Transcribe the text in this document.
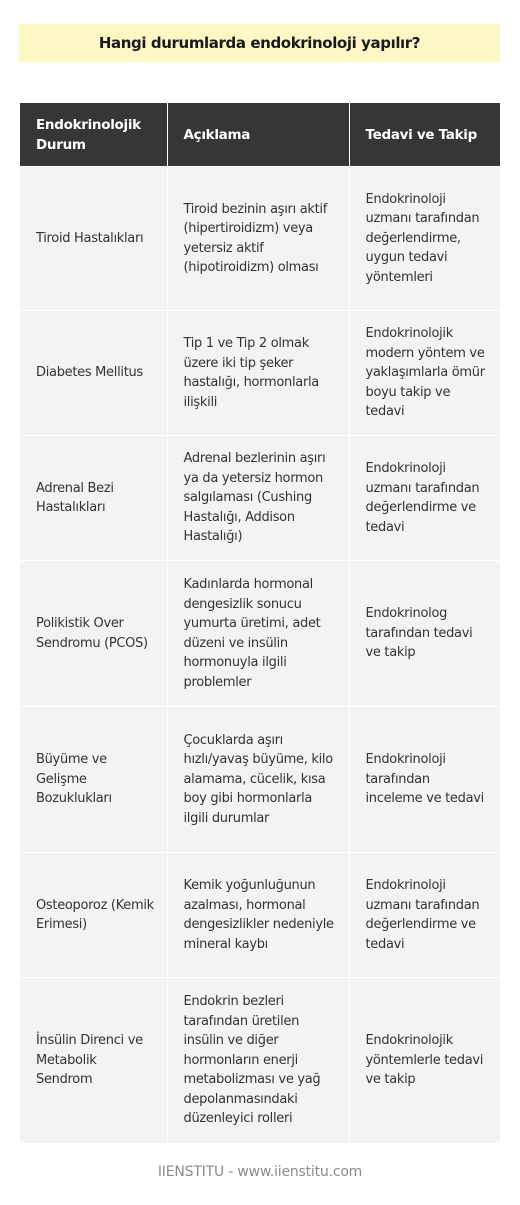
Hangi durumlarda endokrinoloji yapılır?
Endokrinolojik Durum	Açıklama	Tedavi ve Takip
Tiroid Hastalıkları	Tiroid bezinin aşırı aktif (hipertiroidizm) veya yetersiz aktif (hipotiroidizm) olması	Endokrinoloji uzmanı tarafından değerlendirme, uygun tedavi yöntemleri
Diabetes Mellitus	Tip 1 ve Tip 2 olmak üzere iki tip şeker hastalığı, hormonlarla ilişkili	Endokrinolojik modern yöntem ve yaklaşımlarla ömür boyu takip ve tedavi
Adrenal Bezi Hastalıkları	Adrenal bezlerinin aşırı ya da yetersiz hormon salgılaması (Cushing Hastalığı, Addison Hastalığı)	Endokrinoloji uzmanı tarafından değerlendirme ve tedavi
Polikistik Over Sendromu (PCOS)	Kadınlarda hormonal dengesizlik sonucu yumurta üretimi, adet düzeni ve insülin hormonuyla ilgili problemler	Endokrinolog tarafından tedavi ve takip
Büyüme ve Gelişme Bozuklukları	Çocuklarda aşırı hızlı/yavaş büyüme, kilo alamama, cücelik, kısa boy gibi hormonlarla ilgili durumlar	Endokrinoloji tarafından inceleme ve tedavi
Osteoporoz (Kemik Erimesi)	Kemik yoğunluğunun azalması, hormonal dengesizlikler nedeniyle mineral kaybı	Endokrinoloji uzmanı tarafından değerlendirme ve tedavi
İnsülin Direnci ve Metabolik Sendrom	Endokrin bezleri tarafından üretilen insülin ve diğer hormonların enerji metabolizması ve yağ depolanmasındaki düzenleyici rolleri	Endokrinolojik yöntemlerle tedavi ve takip
IIENSTITU - www.iienstitu.com
